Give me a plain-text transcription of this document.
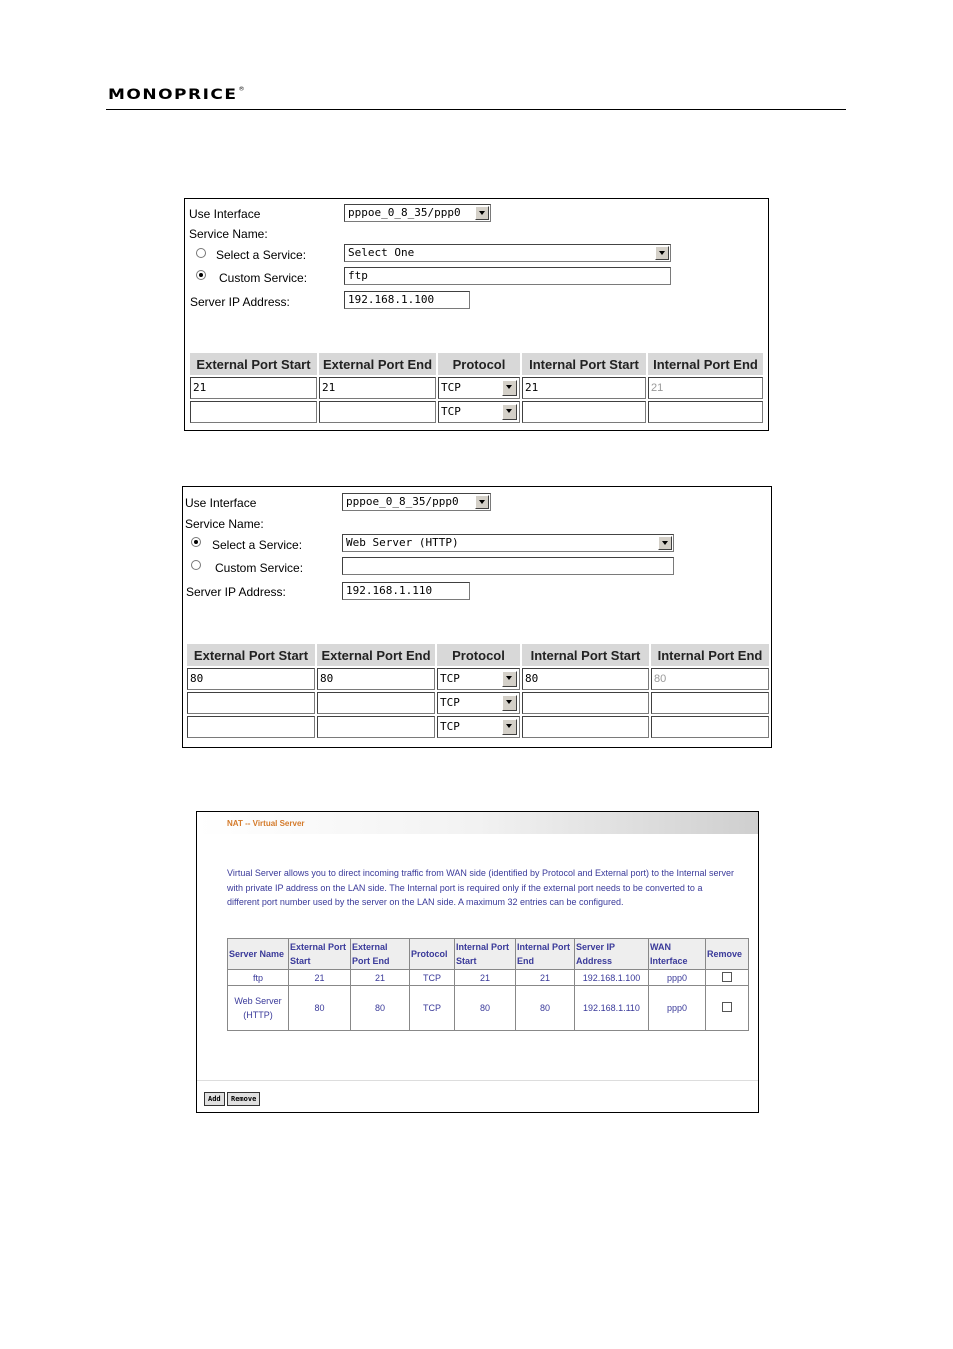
MONOPRICE®
Use Interface	pppoe_0_8_35/ppp0
Service Name:
Select a Service:	Select One
Custom Service:	ftp
Server IP Address:	192.168.1.100
External Port Start	External Port End	Protocol	Internal Port Start	Internal Port End

21	21	TCP	21	21

		TCP		

Use Interface	pppoe_0_8_35/ppp0
Service Name:
Select a Service:	Web Server (HTTP)
Custom Service:
Server IP Address:	192.168.1.110
External Port Start	External Port End	Protocol	Internal Port Start	Internal Port End

80	80	TCP	80	80

		TCP		

		TCP		

NAT -- Virtual Server
Virtual Server allows you to direct incoming traffic from WAN side (identified by Protocol and External port) to the Internal server with private IP address on the LAN side. The Internal port is required only if the external port needs to be converted to a different port number used by the server on the LAN side. A maximum 32 entries can be configured.
Server Name	External Port Start	External Port End	Protocol	Internal Port Start	Internal Port End	Server IP Address	WAN Interface	Remove
ftp	21	21	TCP	21	21	192.168.1.100	ppp0	
Web Server (HTTP)	80	80	TCP	80	80	192.168.1.110	ppp0	
Add	Remove
